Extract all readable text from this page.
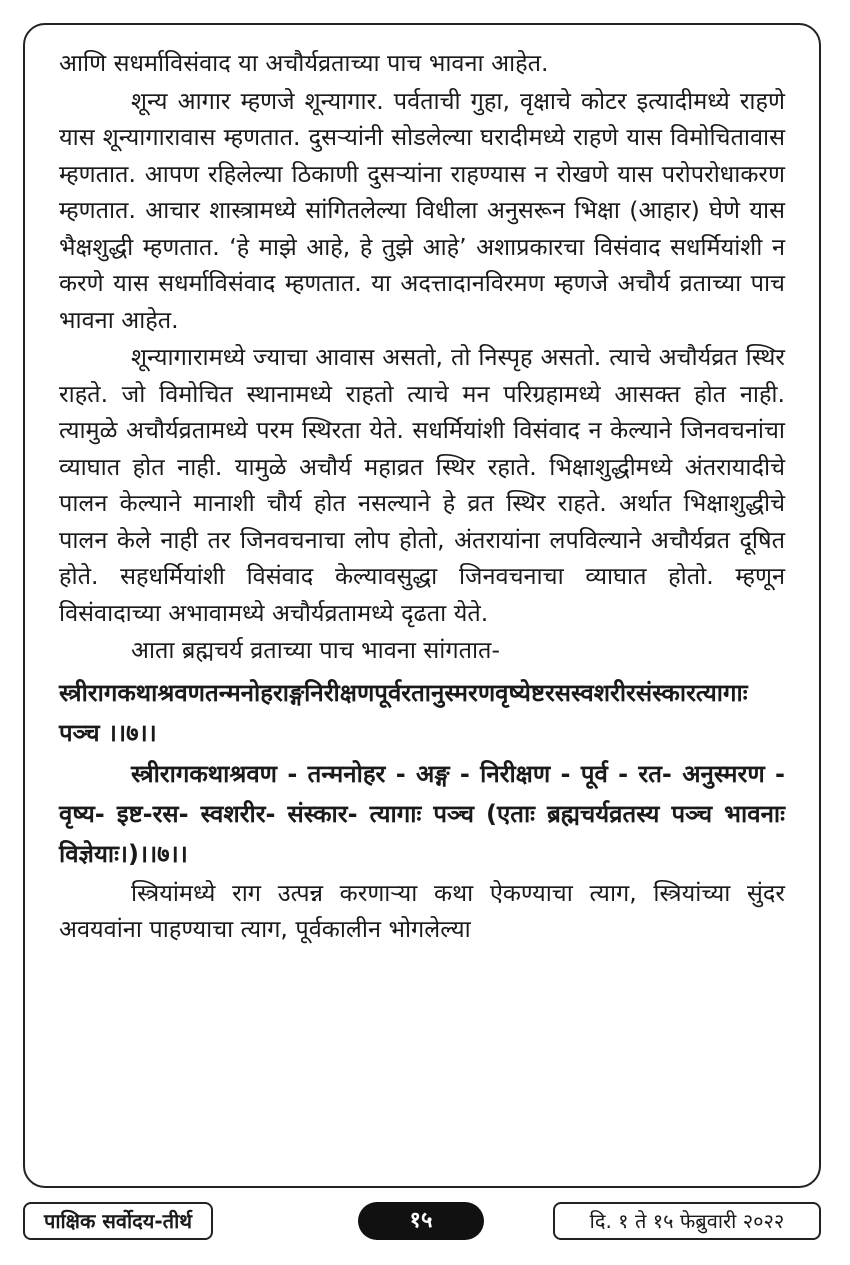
आणि सधर्माविसंवाद या अचौर्यव्रताच्या पाच भावना आहेत.

शून्य आगार म्हणजे शून्यागार. पर्वताची गुहा, वृक्षाचे कोटर इत्यादीमध्ये राहणे यास शून्यागारावास म्हणतात. दुसऱ्यांनी सोडलेल्या घरादीमध्ये राहणे यास विमोचितावास म्हणतात. आपण रहिलेल्या ठिकाणी दुसऱ्यांना राहण्यास न रोखणे यास परोपरोधाकरण म्हणतात. आचार शास्त्रामध्ये सांगितलेल्या विधीला अनुसरून भिक्षा (आहार) घेणे यास भैक्षशुद्धी म्हणतात. ‘हे माझे आहे, हे तुझे आहे’ अशाप्रकारचा विसंवाद सधर्मियांशी न करणे यास सधर्माविसंवाद म्हणतात. या अदत्तादानविरमण म्हणजे अचौर्य व्रताच्या पाच भावना आहेत.

शून्यागारामध्ये ज्याचा आवास असतो, तो निस्पृह असतो. त्याचे अचौर्यव्रत स्थिर राहते. जो विमोचित स्थानामध्ये राहतो त्याचे मन परिग्रहामध्ये आसक्त होत नाही. त्यामुळे अचौर्यव्रतामध्ये परम स्थिरता येते. सधर्मियांशी विसंवाद न केल्याने जिनवचनांचा व्याघात होत नाही. यामुळे अचौर्य महाव्रत स्थिर रहाते. भिक्षाशुद्धीमध्ये अंतरायादीचे पालन केल्याने मानाशी चौर्य होत नसल्याने हे व्रत स्थिर राहते. अर्थात भिक्षाशुद्धीचे पालन केले नाही तर जिनवचनाचा लोप होतो, अंतरायांना लपविल्याने अचौर्यव्रत दूषित होते. सहधर्मियांशी विसंवाद केल्यावसुद्धा जिनवचनाचा व्याघात होतो. म्हणून विसंवादाच्या अभावामध्ये अचौर्यव्रतामध्ये दृढता येते.

आता ब्रह्मचर्य व्रताच्या पाच भावना सांगतात-

स्त्रीरागकथाश्रवणतन्मनोहराङ्गनिरीक्षणपूर्वरतानुस्मरणवृष्येष्टरसस्वशरीरसंस्कारत्यागाः पञ्च ।।७।।

स्त्रीरागकथाश्रवण - तन्मनोहर - अङ्ग - निरीक्षण - पूर्व - रत- अनुस्मरण - वृष्य- इष्ट-रस- स्वशरीर- संस्कार- त्यागाः पञ्च (एताः ब्रह्मचर्यव्रतस्य पञ्च भावनाः विज्ञेयाः।)।।७।।

स्त्रियांमध्ये राग उत्पन्न करणाऱ्या कथा ऐकण्याचा त्याग, स्त्रियांच्या सुंदर अवयवांना पाहण्याचा त्याग, पूर्वकालीन भोगलेल्या

पाक्षिक सर्वोदय-तीर्थ	१५	दि. १ ते १५ फेब्रुवारी २०२२
